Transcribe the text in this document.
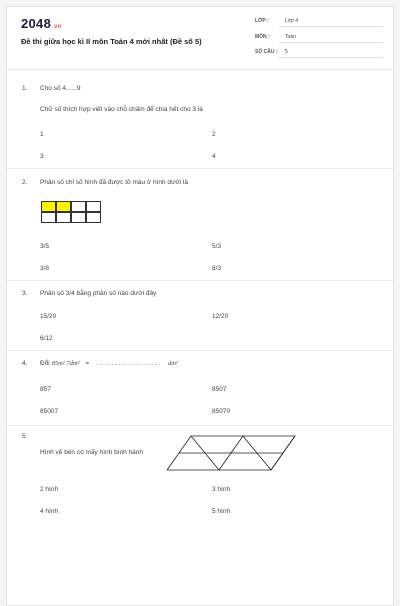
2048.vn
Đề thi giữa học kì II môn Toán 4 mới nhất (Đề số 5)
LỚP :	Lớp 4
MÔN :	Toán
SỐ CÂU : 5
1. Cho số 4......9
Chữ số thích hợp viết vào chỗ chấm để chia hết cho 3 là
1	2
3	4
2. Phân số chỉ số hình đã được tô màu ở hình dưới là
3/5	5/3
3/8	8/3
3. Phân số 3/4 bằng phân số nào dưới đây
15/20	12/20
6/12
4. Đổi 85m² 7dm² = . . . . . . . . . . . . . . . . . . dm²
857	8507
85007	85070
5.
Hình vẽ bên có mấy hình bình hành
2 hình	3 hình
4 hình	5 hình
